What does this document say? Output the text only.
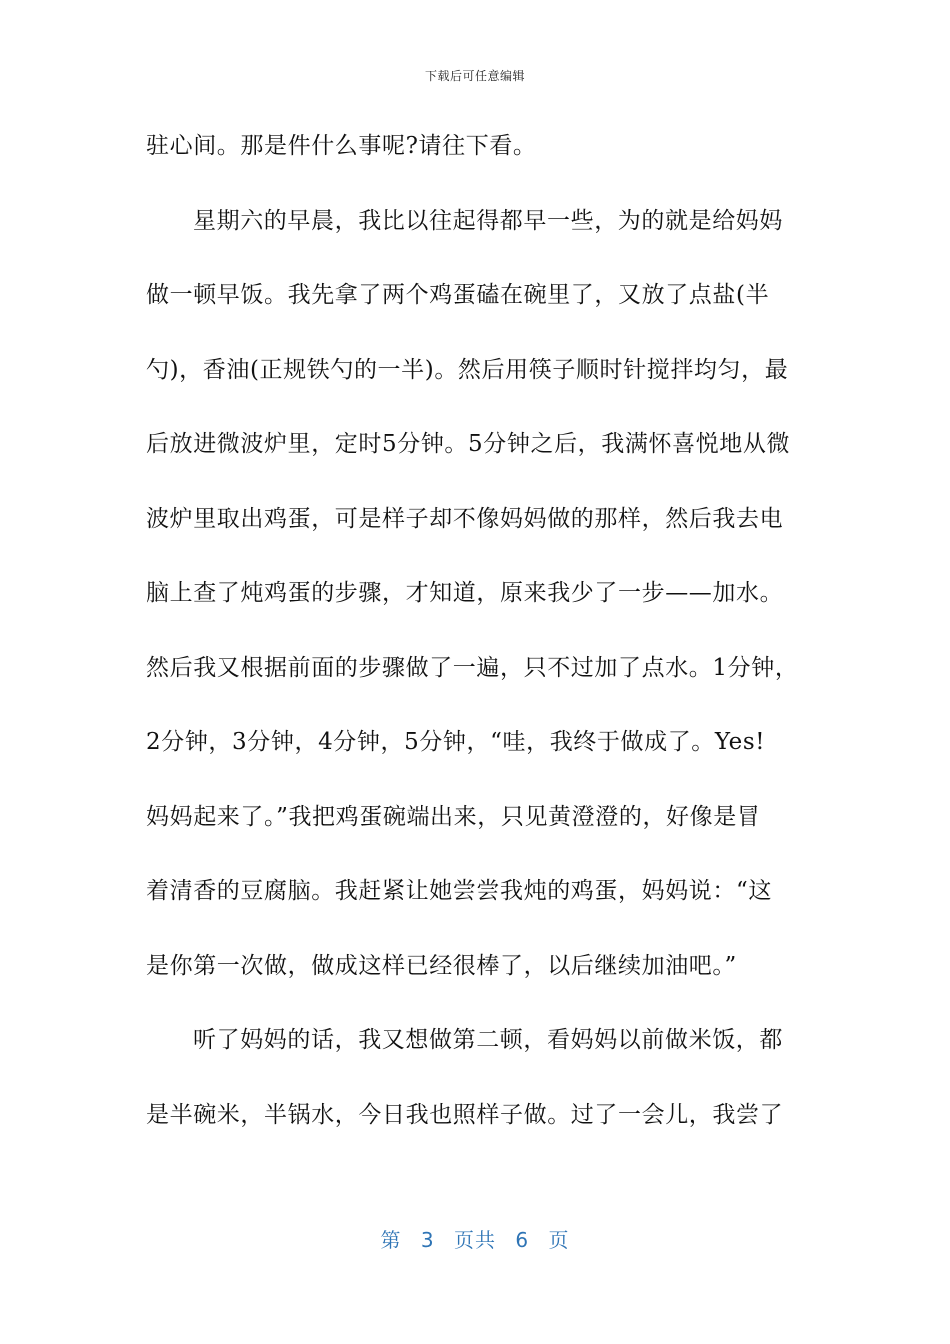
下载后可任意编辑
驻心间。那是件什么事呢?请往下看。
星期六的早晨，我比以往起得都早一些，为的就是给妈妈
做一顿早饭。我先拿了两个鸡蛋磕在碗里了，又放了点盐(半
勺)，香油(正规铁勺的一半)。然后用筷子顺时针搅拌均匀，最
后放进微波炉里，定时5分钟。5分钟之后，我满怀喜悦地从微
波炉里取出鸡蛋，可是样子却不像妈妈做的那样，然后我去电
脑上查了炖鸡蛋的步骤，才知道，原来我少了一步——加水。
然后我又根据前面的步骤做了一遍，只不过加了点水。1分钟，
2分钟，3分钟，4分钟，5分钟，“哇，我终于做成了。Yes!
妈妈起来了。”我把鸡蛋碗端出来，只见黄澄澄的，好像是冒
着清香的豆腐脑。我赶紧让她尝尝我炖的鸡蛋，妈妈说：“这
是你第一次做，做成这样已经很棒了，以后继续加油吧。”
听了妈妈的话，我又想做第二顿，看妈妈以前做米饭，都
是半碗米，半锅水，今日我也照样子做。过了一会儿，我尝了
第 3 页共 6 页
